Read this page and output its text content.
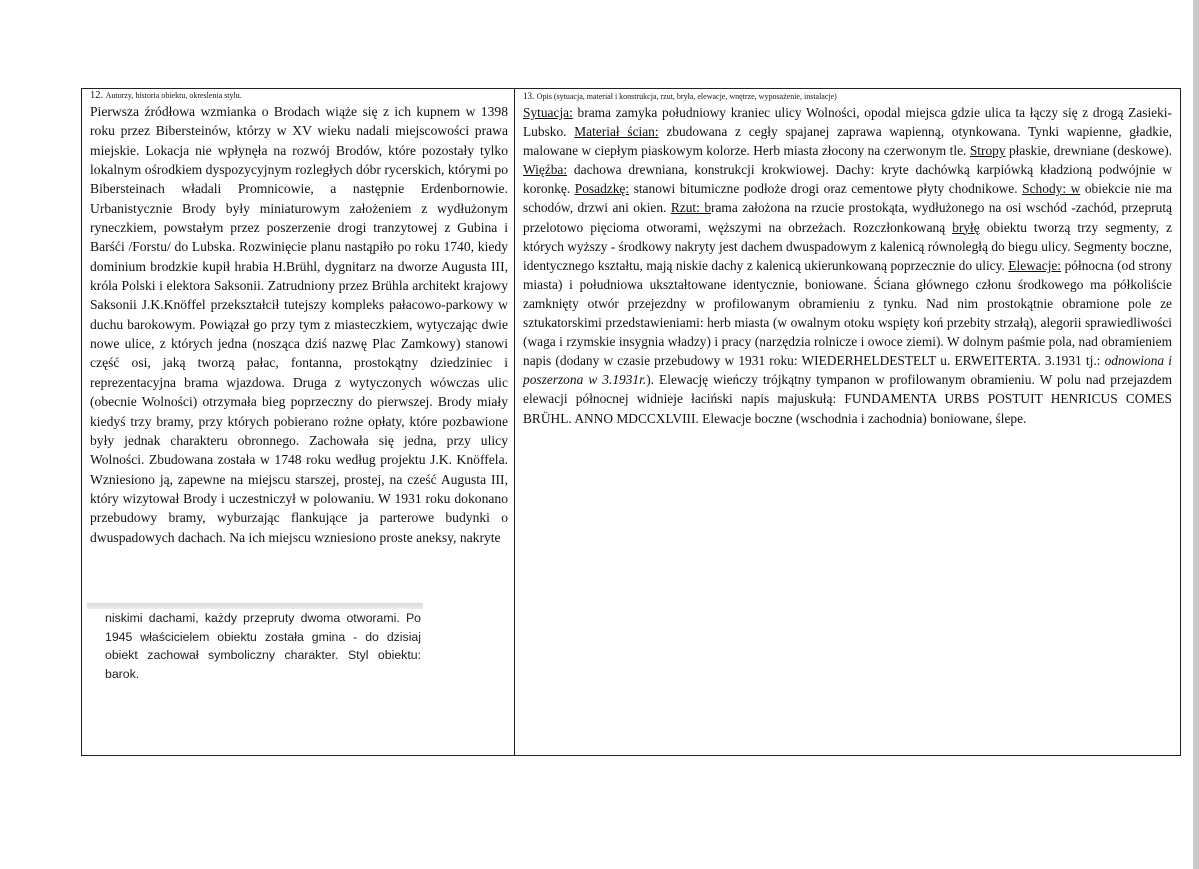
12. Autorzy, historia obiektu, okreslenia stylu.
Pierwsza źródłowa wzmianka o Brodach wiąże się z ich kupnem w 1398 roku przez Bibersteinów, którzy w XV wieku nadali miejscowości prawa miejskie. Lokacja nie wpłynęła na rozwój Brodów, które pozostały tylko lokalnym ośrodkiem dyspozycyjnym rozległych dóbr rycerskich, którymi po Bibersteinach władali Promnicowie, a następnie Erdenbornowie. Urbanistycznie Brody były miniaturowym założeniem z wydłużonym ryneczkiem, powstałym przez poszerzenie drogi tranzytowej z Gubina i Barśći /Forstu/ do Lubska. Rozwinięcie planu nastąpiło po roku 1740, kiedy dominium brodzkie kupił hrabia H.Brühl, dygnitarz na dworze Augusta III, króla Polski i elektora Saksonii. Zatrudniony przez Brühla architekt krajowy Saksonii J.K.Knöffel przekształcił tutejszy kompleks pałacowo-parkowy w duchu barokowym. Powiązał go przy tym z miasteczkiem, wytyczając dwie nowe ulice, z których jedna (nosząca dziś nazwę Plac Zamkowy) stanowi część osi, jaką tworzą pałac, fontanna, prostokątny dziedziniec i reprezentacyjna brama wjazdowa. Druga z wytyczonych wówczas ulic (obecnie Wolności) otrzymała bieg poprzeczny do pierwszej. Brody miały kiedyś trzy bramy, przy których pobierano rożne opłaty, które pozbawione były jednak charakteru obronnego. Zachowała się jedna, przy ulicy Wolności. Zbudowana została w 1748 roku według projektu J.K. Knöffela. Wzniesiono ją, zapewne na miejscu starszej, prostej, na cześć Augusta III, który wizytował Brody i uczestniczył w polowaniu. W 1931 roku dokonano przebudowy bramy, wyburzając flankujące ja parterowe budynki o dwuspadowych dachach. Na ich miejscu wzniesiono proste aneksy, nakryte
13. Opis (sytuacja, materiał i konstrukcja, rzut, bryła, elewacje, wnętrze, wyposażenie, instalacje)
Sytuacja: brama zamyka południowy kraniec ulicy Wolności, opodal miejsca gdzie ulica ta łączy się z drogą Zasieki- Lubsko. Materiał ścian: zbudowana z cegły spajanej zaprawa wapienną, otynkowana. Tynki wapienne, gładkie, malowane w ciepłym piaskowym kolorze. Herb miasta złocony na czerwonym tle. Stropy płaskie, drewniane (deskowe). Więźba: dachowa drewniana, konstrukcji krokwiowej. Dachy: kryte dachówką karpiówką kładzioną podwójnie w koronkę. Posadzkę: stanowi bitumiczne podłoże drogi oraz cementowe płyty chodnikowe. Schody: w obiekcie nie ma schodów, drzwi ani okien. Rzut: brama założona na rzucie prostokąta, wydłużonego na osi wschód -zachód, przeprutą przelotowo pięcioma otworami, węższymi na obrzeżach. Rozczłonkowaną bryłę obiektu tworzą trzy segmenty, z których wyższy - środkowy nakryty jest dachem dwuspadowym z kalenicą równoległą do biegu ulicy. Segmenty boczne, identycznego kształtu, mają niskie dachy z kalenicą ukierunkowaną poprzecznie do ulicy. Elewacje: północna (od strony miasta) i południowa ukształtowane identycznie, boniowane. Ściana głównego członu środkowego ma półkoliście zamknięty otwór przejezdny w profilowanym obramieniu z tynku. Nad nim prostokątnie obramione pole ze sztukatorskimi przedstawieniami: herb miasta (w owalnym otoku wspięty koń przebity strzałą), alegorii sprawiedliwości (waga i rzymskie insygnia władzy) i pracy (narzędzia rolnicze i owoce ziemi). W dolnym paśmie pola, nad obramieniem napis (dodany w czasie przebudowy w 1931 roku: WIEDERHELDESTELT u. ERWEITERTA. 3.1931 tj.: odnowiona i poszerzona w 3.1931r.). Elewację wieńczy trójkątny tympanon w profilowanym obramieniu. W polu nad przejazdem elewacji północnej widnieje łaciński napis majuskułą: FUNDAMENTA URBS POSTUIT HENRICUS COMES BRÜHL. ANNO MDCCXLVIII. Elewacje boczne (wschodnia i zachodnia) boniowane, ślepe.
niskimi dachami, każdy przepruty dwoma otworami. Po 1945 właścicielem obiektu została gmina - do dzisiaj obiekt zachował symboliczny charakter. Styl obiektu: barok.
